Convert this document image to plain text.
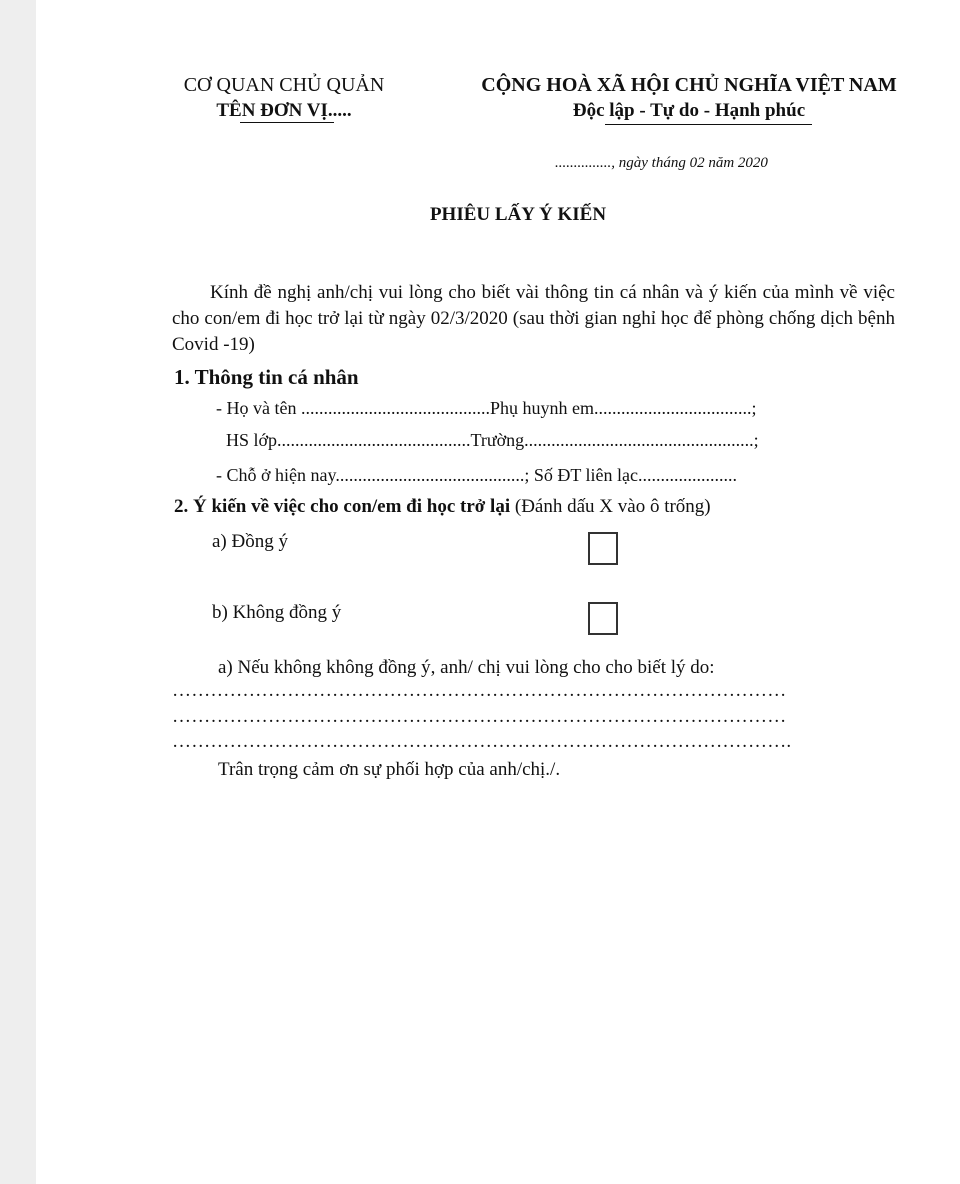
CƠ QUAN CHỦ QUẢN
TÊN ĐƠN VỊ.....
CỘNG HOÀ XÃ HỘI CHỦ NGHĨA VIỆT NAM
Độc lập - Tự do - Hạnh phúc

..............., ngày tháng 02 năm 2020

PHIÊU LẤY Ý KIẾN

Kính đề nghị anh/chị vui lòng cho biết vài thông tin cá nhân và ý kiến của mình về việc cho con/em đi học trở lại từ ngày 02/3/2020 (sau thời gian nghỉ học để phòng chống dịch bệnh Covid -19)

1. Thông tin cá nhân

- Họ và tên ..........................................Phụ huynh em...................................;

HS lớp...........................................Trường...................................................;

- Chỗ ở hiện nay..........................................; Số ĐT liên lạc......................

2. Ý kiến về việc cho con/em đi học trở lại (Đánh dấu X vào ô trống)

a) Đồng ý

b) Không đồng ý

a) Nếu không không đồng ý, anh/ chị vui lòng cho cho biết lý do:

……………………………………………………………………………………

……………………………………………………………………………………

…………………………………………………………………………………….

Trân trọng cảm ơn sự phối hợp của anh/chị./.
